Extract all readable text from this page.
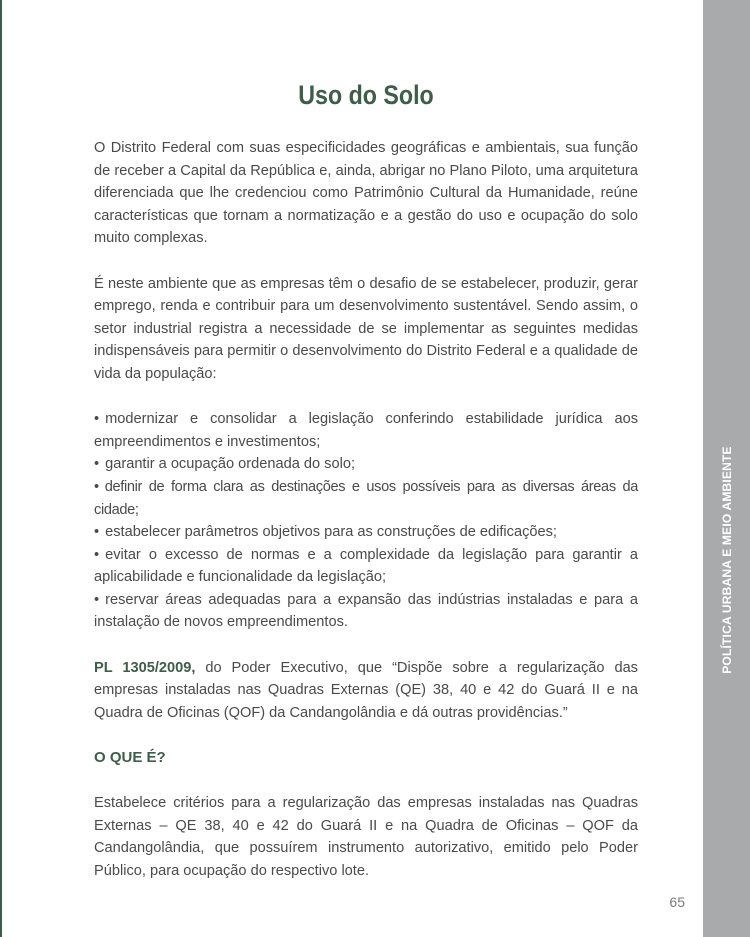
POLÍTICA URBANA E MEIO AMBIENTE
Uso do Solo

O Distrito Federal com suas especificidades geográficas e ambientais, sua função de receber a Capital da República e, ainda, abrigar no Plano Piloto, uma arquitetura diferenciada que lhe credenciou como Patrimônio Cultural da Humanidade, reúne características que tornam a normatização e a gestão do uso e ocupação do solo muito complexas.

É neste ambiente que as empresas têm o desafio de se estabelecer, produzir, gerar emprego, renda e contribuir para um desenvolvimento sustentável. Sendo assim, o setor industrial registra a necessidade de se implementar as seguintes medidas indispensáveis para permitir o desenvolvimento do Distrito Federal e a qualidade de vida da população:

• modernizar e consolidar a legislação conferindo estabilidade jurídica aos empreendimentos e investimentos;
• garantir a ocupação ordenada do solo;
• definir de forma clara as destinações e usos possíveis para as diversas áreas da cidade;
• estabelecer parâmetros objetivos para as construções de edificações;
• evitar o excesso de normas e a complexidade da legislação para garantir a aplicabilidade e funcionalidade da legislação;
• reservar áreas adequadas para a expansão das indústrias instaladas e para a instalação de novos empreendimentos.

PL 1305/2009, do Poder Executivo, que “Dispõe sobre a regularização das empresas instaladas nas Quadras Externas (QE) 38, 40 e 42 do Guará II e na Quadra de Oficinas (QOF) da Candangolândia e dá outras providências.”

O QUE É?

Estabelece critérios para a regularização das empresas instaladas nas Quadras Externas – QE 38, 40 e 42 do Guará II e na Quadra de Oficinas – QOF da Candangolândia, que possuírem instrumento autorizativo, emitido pelo Poder Público, para ocupação do respectivo lote.

65
